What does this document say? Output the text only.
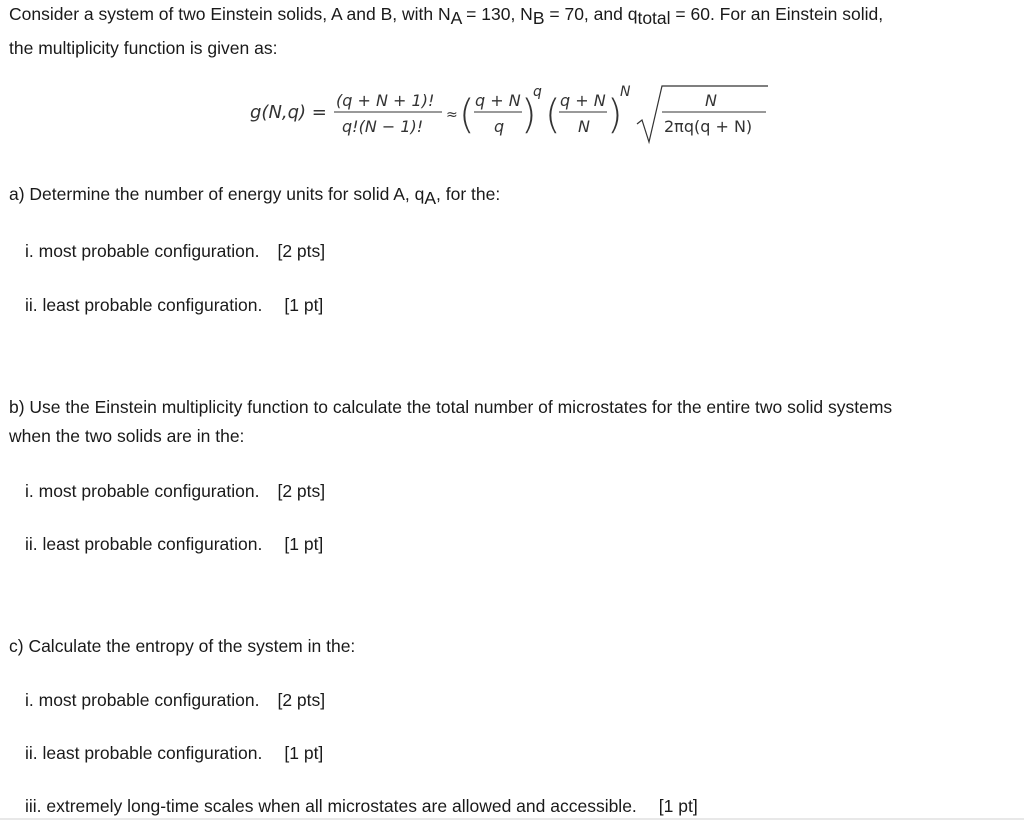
Consider a system of two Einstein solids, A and B, with NA = 130, NB = 70, and qtotal = 60. For an Einstein solid,
the multiplicity function is given as:
g(N,q) =
(q + N + 1)!
q!(N − 1)!
≈ ( q + N
q )
q ( q + N
N )
N	N
2πq(q + N)
a) Determine the number of energy units for solid A, qA, for the:
i. most probable configuration. [2 pts]
ii. least probable configuration. [1 pt]
b) Use the Einstein multiplicity function to calculate the total number of microstates for the entire two solid systems
when the two solids are in the:
i. most probable configuration. [2 pts]
ii. least probable configuration. [1 pt]
c) Calculate the entropy of the system in the:
i. most probable configuration. [2 pts]
ii. least probable configuration. [1 pt]
iii. extremely long-time scales when all microstates are allowed and accessible. [1 pt]
